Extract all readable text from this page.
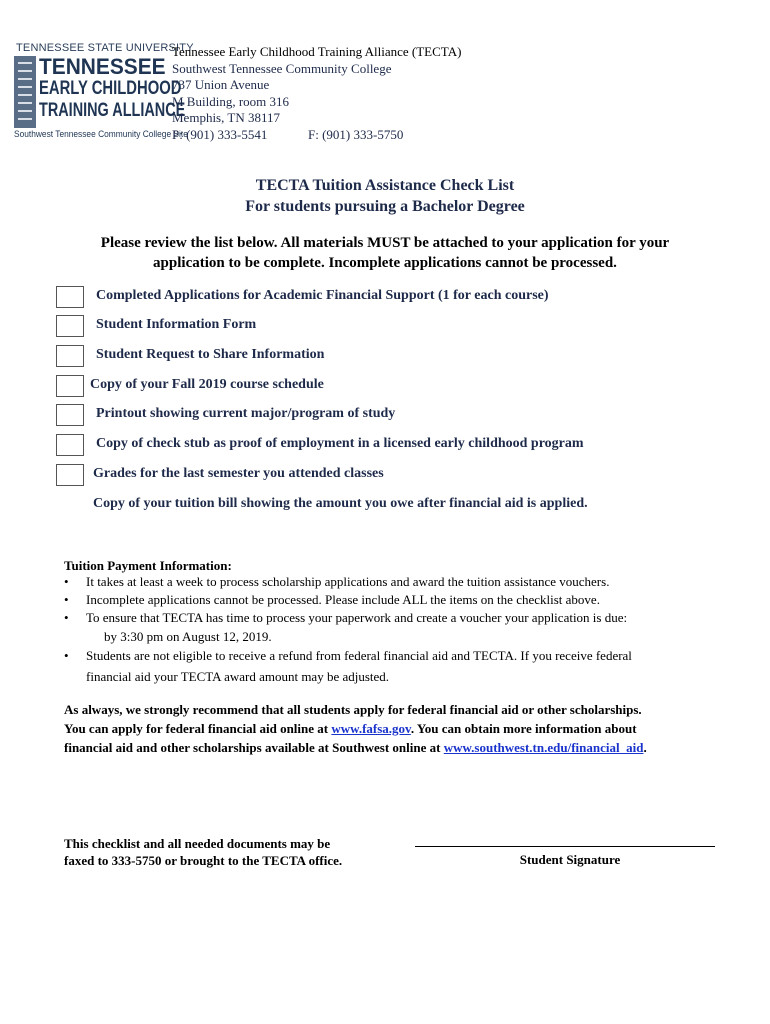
TENNESSEE STATE UNIVERSITY
TENNESSEE
EARLY CHILDHOOD
TRAINING ALLIANCE
Southwest Tennessee Community College Site
Tennessee Early Childhood Training Alliance (TECTA)
Southwest Tennessee Community College
737 Union Avenue
M Building, room 316
Memphis, TN 38117
P: (901) 333-5541	F: (901) 333-5750
TECTA Tuition Assistance Check List
For students pursuing a Bachelor Degree
Please review the list below. All materials MUST be attached to your application for your
application to be complete. Incomplete applications cannot be processed.
Completed Applications for Academic Financial Support (1 for each course)
Student Information Form
Student Request to Share Information
Copy of your Fall 2019 course schedule
Printout showing current major/program of study
Copy of check stub as proof of employment in a licensed early childhood program
Grades for the last semester you attended classes
Copy of your tuition bill showing the amount you owe after financial aid is applied.
Tuition Payment Information:
• It takes at least a week to process scholarship applications and award the tuition assistance vouchers.
• Incomplete applications cannot be processed. Please include ALL the items on the checklist above.
• To ensure that TECTA has time to process your paperwork and create a voucher your application is due:
by 3:30 pm on August 12, 2019.
• Students are not eligible to receive a refund from federal financial aid and TECTA. If you receive federal
financial aid your TECTA award amount may be adjusted.
As always, we strongly recommend that all students apply for federal financial aid or other scholarships.
You can apply for federal financial aid online at www.fafsa.gov. You can obtain more information about
financial aid and other scholarships available at Southwest online at www.southwest.tn.edu/financial_aid.
This checklist and all needed documents may be
faxed to 333-5750 or brought to the TECTA office.	Student Signature
